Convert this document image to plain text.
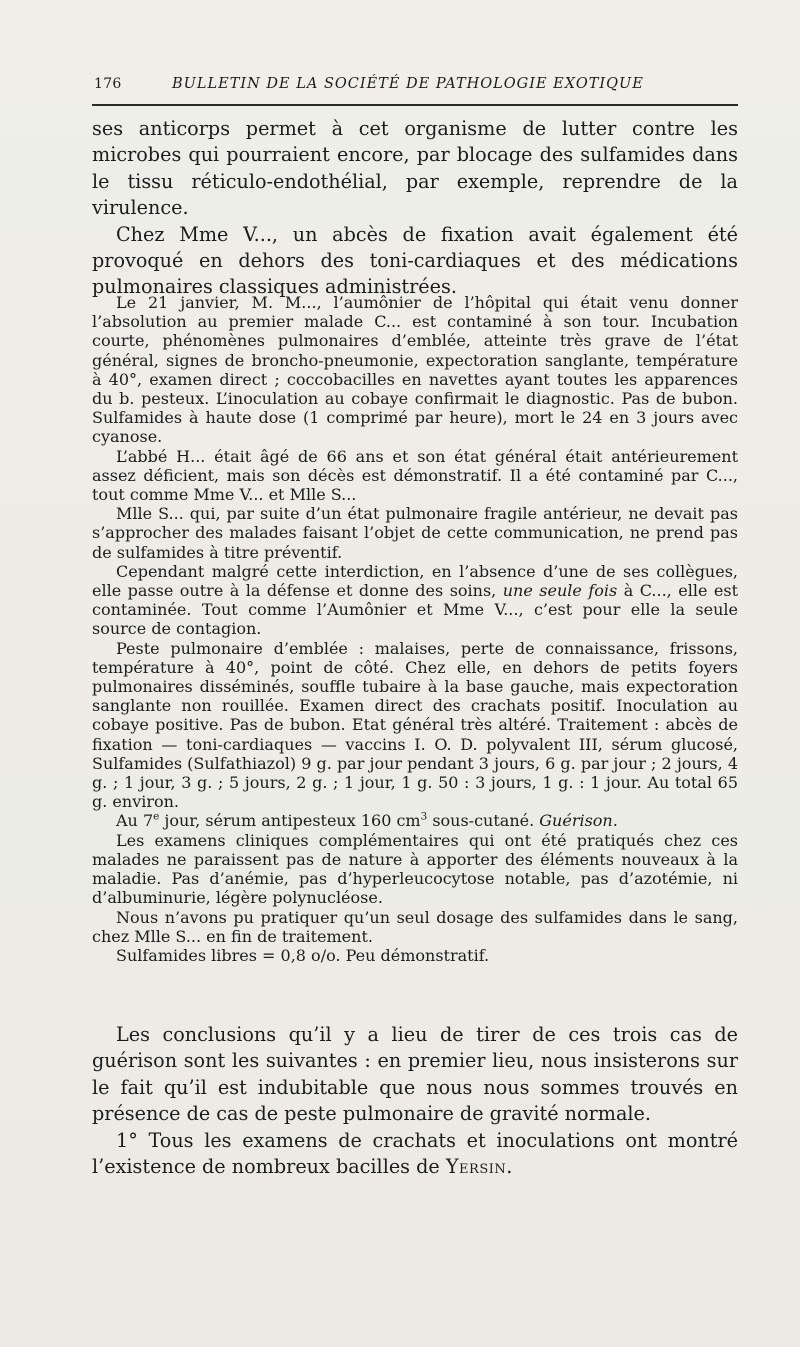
176	BULLETIN DE LA SOCIÉTÉ DE PATHOLOGIE EXOTIQUE

ses anticorps permet à cet organisme de lutter contre les microbes qui pourraient encore, par blocage des sulfamides dans le tissu réticulo-endothélial, par exemple, reprendre de la virulence.

Chez Mme V..., un abcès de fixation avait également été provoqué en dehors des toni-cardiaques et des médications pulmonaires classiques administrées.

Le 21 janvier, M. M..., l’aumônier de l’hôpital qui était venu donner l’absolution au premier malade C... est contaminé à son tour. Incubation courte, phénomènes pulmonaires d’emblée, atteinte très grave de l’état général, signes de broncho-pneumonie, expectoration sanglante, température à 40°, examen direct ; coccobacilles en navettes ayant toutes les apparences du b. pesteux. L’inoculation au cobaye confirmait le diagnostic. Pas de bubon. Sulfamides à haute dose (1 comprimé par heure), mort le 24 en 3 jours avec cyanose.

L’abbé H... était âgé de 66 ans et son état général était antérieurement assez déficient, mais son décès est démonstratif. Il a été contaminé par C..., tout comme Mme V... et Mlle S...

Mlle S... qui, par suite d’un état pulmonaire fragile antérieur, ne devait pas s’approcher des malades faisant l’objet de cette communication, ne prend pas de sulfamides à titre préventif.

Cependant malgré cette interdiction, en l’absence d’une de ses collègues, elle passe outre à la défense et donne des soins, une seule fois à C..., elle est contaminée. Tout comme l’Aumônier et Mme V..., c’est pour elle la seule source de contagion.

Peste pulmonaire d’emblée : malaises, perte de connaissance, frissons, température à 40°, point de côté. Chez elle, en dehors de petits foyers pulmonaires disséminés, souffle tubaire à la base gauche, mais expectoration sanglante non rouillée. Examen direct des crachats positif. Inoculation au cobaye positive. Pas de bubon. Etat général très altéré. Traitement : abcès de fixation — toni-cardiaques — vaccins I. O. D. polyvalent III, sérum glucosé, Sulfamides (Sulfathiazol) 9 g. par jour pendant 3 jours, 6 g. par jour ; 2 jours, 4 g. ; 1 jour, 3 g. ; 5 jours, 2 g. ; 1 jour, 1 g. 50 : 3 jours, 1 g. : 1 jour. Au total 65 g. environ.

Au 7e jour, sérum antipesteux 160 $cm^3$ sous-cutané. Guérison.

Les examens cliniques complémentaires qui ont été pratiqués chez ces malades ne paraissent pas de nature à apporter des éléments nouveaux à la maladie. Pas d’anémie, pas d’hyperleucocytose notable, pas d’azotémie, ni d’albuminurie, légère polynucléose.

Nous n’avons pu pratiquer qu’un seul dosage des sulfamides dans le sang, chez Mlle S... en fin de traitement.

Sulfamides libres = 0,8 o/o. Peu démonstratif.

Les conclusions qu’il y a lieu de tirer de ces trois cas de guérison sont les suivantes : en premier lieu, nous insisterons sur le fait qu’il est indubitable que nous nous sommes trouvés en présence de cas de peste pulmonaire de gravité normale.

1° Tous les examens de crachats et inoculations ont montré l’existence de nombreux bacilles de Yersin.
